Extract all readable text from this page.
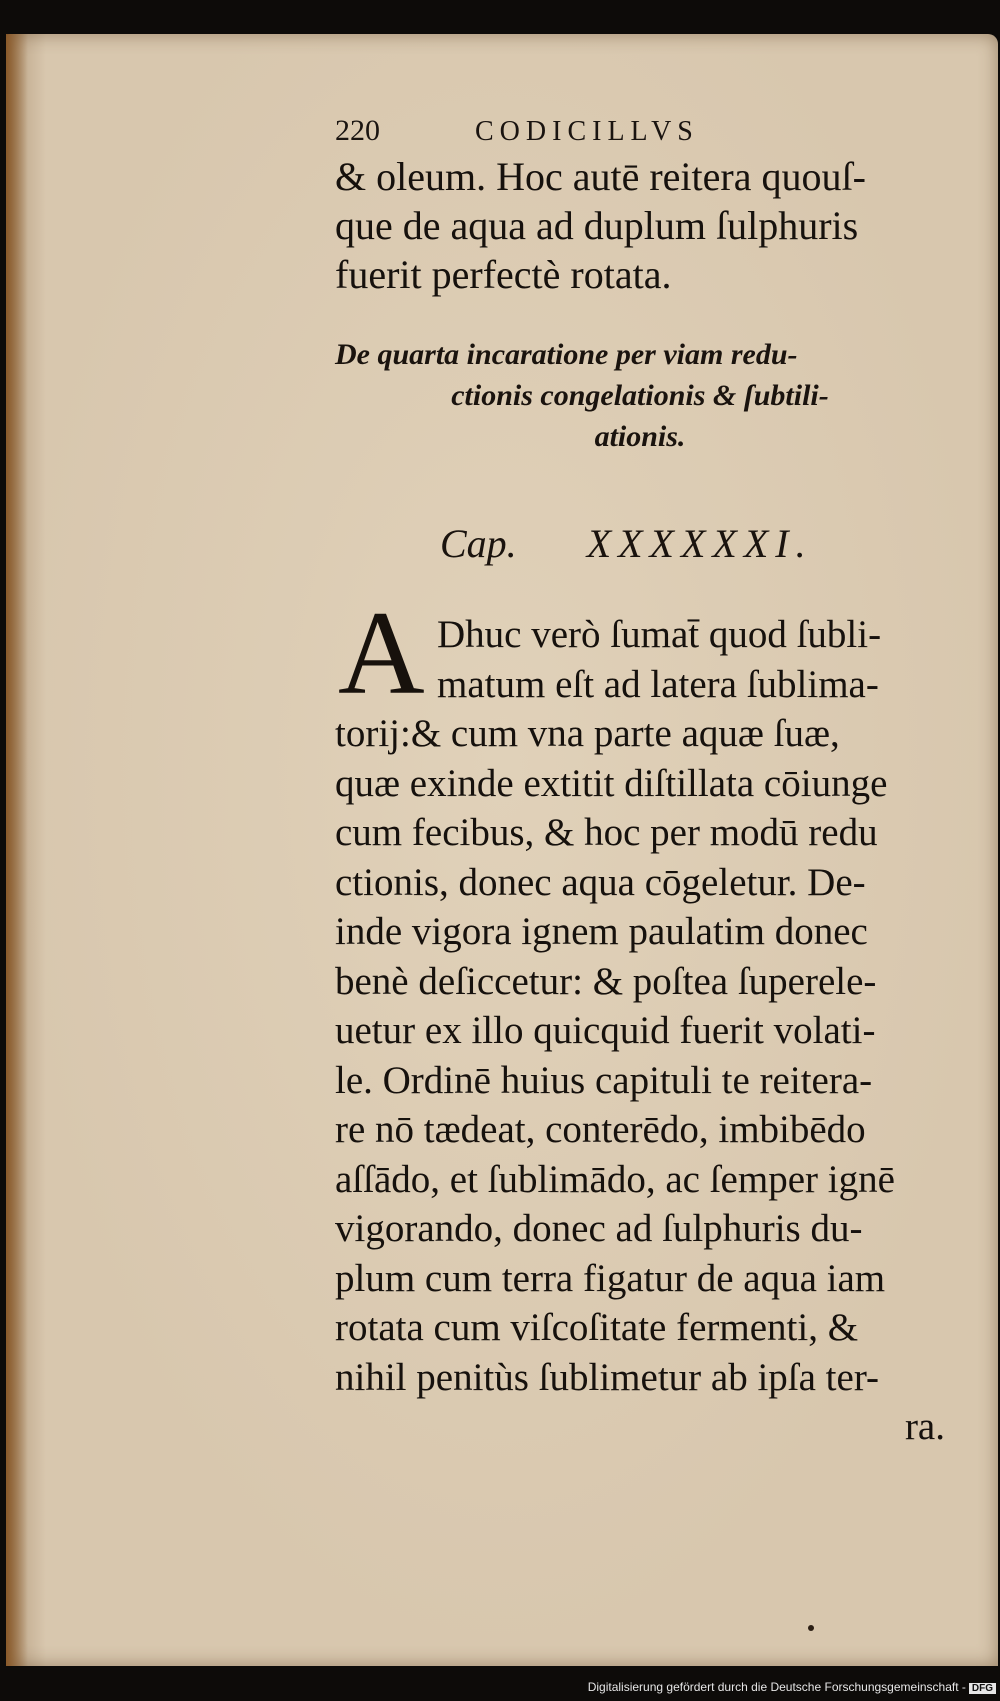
220	CODICILLVS
& oleum. Hoc autē reitera quouſ-
que de aqua ad duplum ſulphuris
fuerit perfectè rotata.
De quarta incaratione per viam redu-
ctionis congelationis & ſubtili-
ationis.
Cap. XXXXXXI.
A Dhuc verò ſumat̄ quod ſubli-
matum eſt ad latera ſublima-
torij:& cum vna parte aquæ ſuæ,
quæ exinde extitit diſtillata cōiunge
cum fecibus, & hoc per modū redu
ctionis, donec aqua cōgeletur. De-
inde vigora ignem paulatim donec
benè deſiccetur: & poſtea ſuperele-
uetur ex illo quicquid fuerit volati-
le. Ordinē huius capituli te reitera-
re nō tædeat, conterēdo, imbibēdo
aſſādo, et ſublimādo, ac ſemper ignē
vigorando, donec ad ſulphuris du-
plum cum terra figatur de aqua iam
rotata cum viſcoſitate fermenti, &
nihil penitùs ſublimetur ab ipſa ter-
ra.
Digitalisierung gefördert durch die Deutsche Forschungsgemeinschaft - DFG
